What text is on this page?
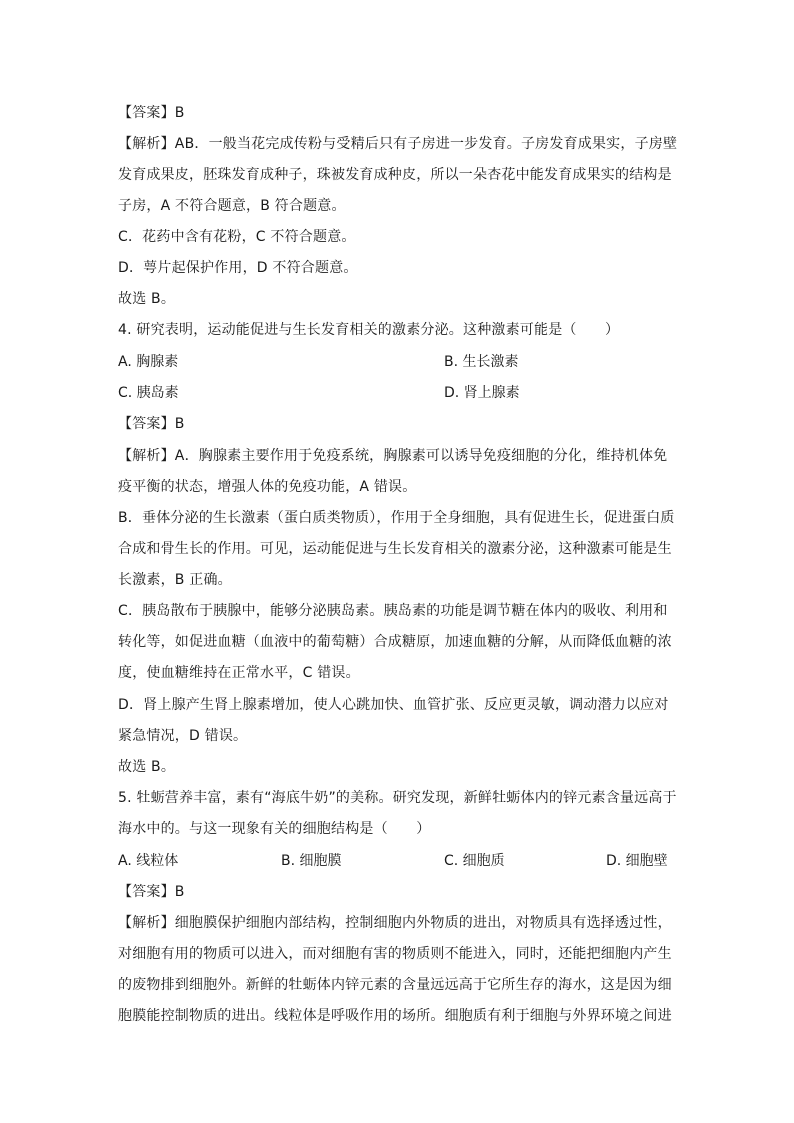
【答案】B
【解析】AB．一般当花完成传粉与受精后只有子房进一步发育。子房发育成果实，子房壁
发育成果皮，胚珠发育成种子，珠被发育成种皮，所以一朵杏花中能发育成果实的结构是
子房，A 不符合题意，B 符合题意。
C．花药中含有花粉，C 不符合题意。
D．萼片起保护作用，D 不符合题意。
故选 B。
4. 研究表明，运动能促进与生长发育相关的激素分泌。这种激素可能是（　　）
A. 胸腺素	B. 生长激素
C. 胰岛素	D. 肾上腺素
【答案】B
【解析】A．胸腺素主要作用于免疫系统，胸腺素可以诱导免疫细胞的分化，维持机体免
疫平衡的状态，增强人体的免疫功能，A 错误。
B．垂体分泌的生长激素（蛋白质类物质），作用于全身细胞，具有促进生长，促进蛋白质
合成和骨生长的作用。可见，运动能促进与生长发育相关的激素分泌，这种激素可能是生
长激素，B 正确。
C．胰岛散布于胰腺中，能够分泌胰岛素。胰岛素的功能是调节糖在体内的吸收、利用和
转化等，如促进血糖（血液中的葡萄糖）合成糖原，加速血糖的分解，从而降低血糖的浓
度，使血糖维持在正常水平，C 错误。
D．肾上腺产生肾上腺素增加，使人心跳加快、血管扩张、反应更灵敏，调动潜力以应对
紧急情况，D 错误。
故选 B。
5. 牡蛎营养丰富，素有“海底牛奶”的美称。研究发现，新鲜牡蛎体内的锌元素含量远高于
海水中的。与这一现象有关的细胞结构是（　　）
A. 线粒体	B. 细胞膜	C. 细胞质	D. 细胞壁
【答案】B
【解析】细胞膜保护细胞内部结构，控制细胞内外物质的进出，对物质具有选择透过性，
对细胞有用的物质可以进入，而对细胞有害的物质则不能进入，同时，还能把细胞内产生
的废物排到细胞外。新鲜的牡蛎体内锌元素的含量远远高于它所生存的海水，这是因为细
胞膜能控制物质的进出。线粒体是呼吸作用的场所。细胞质有利于细胞与外界环境之间进
